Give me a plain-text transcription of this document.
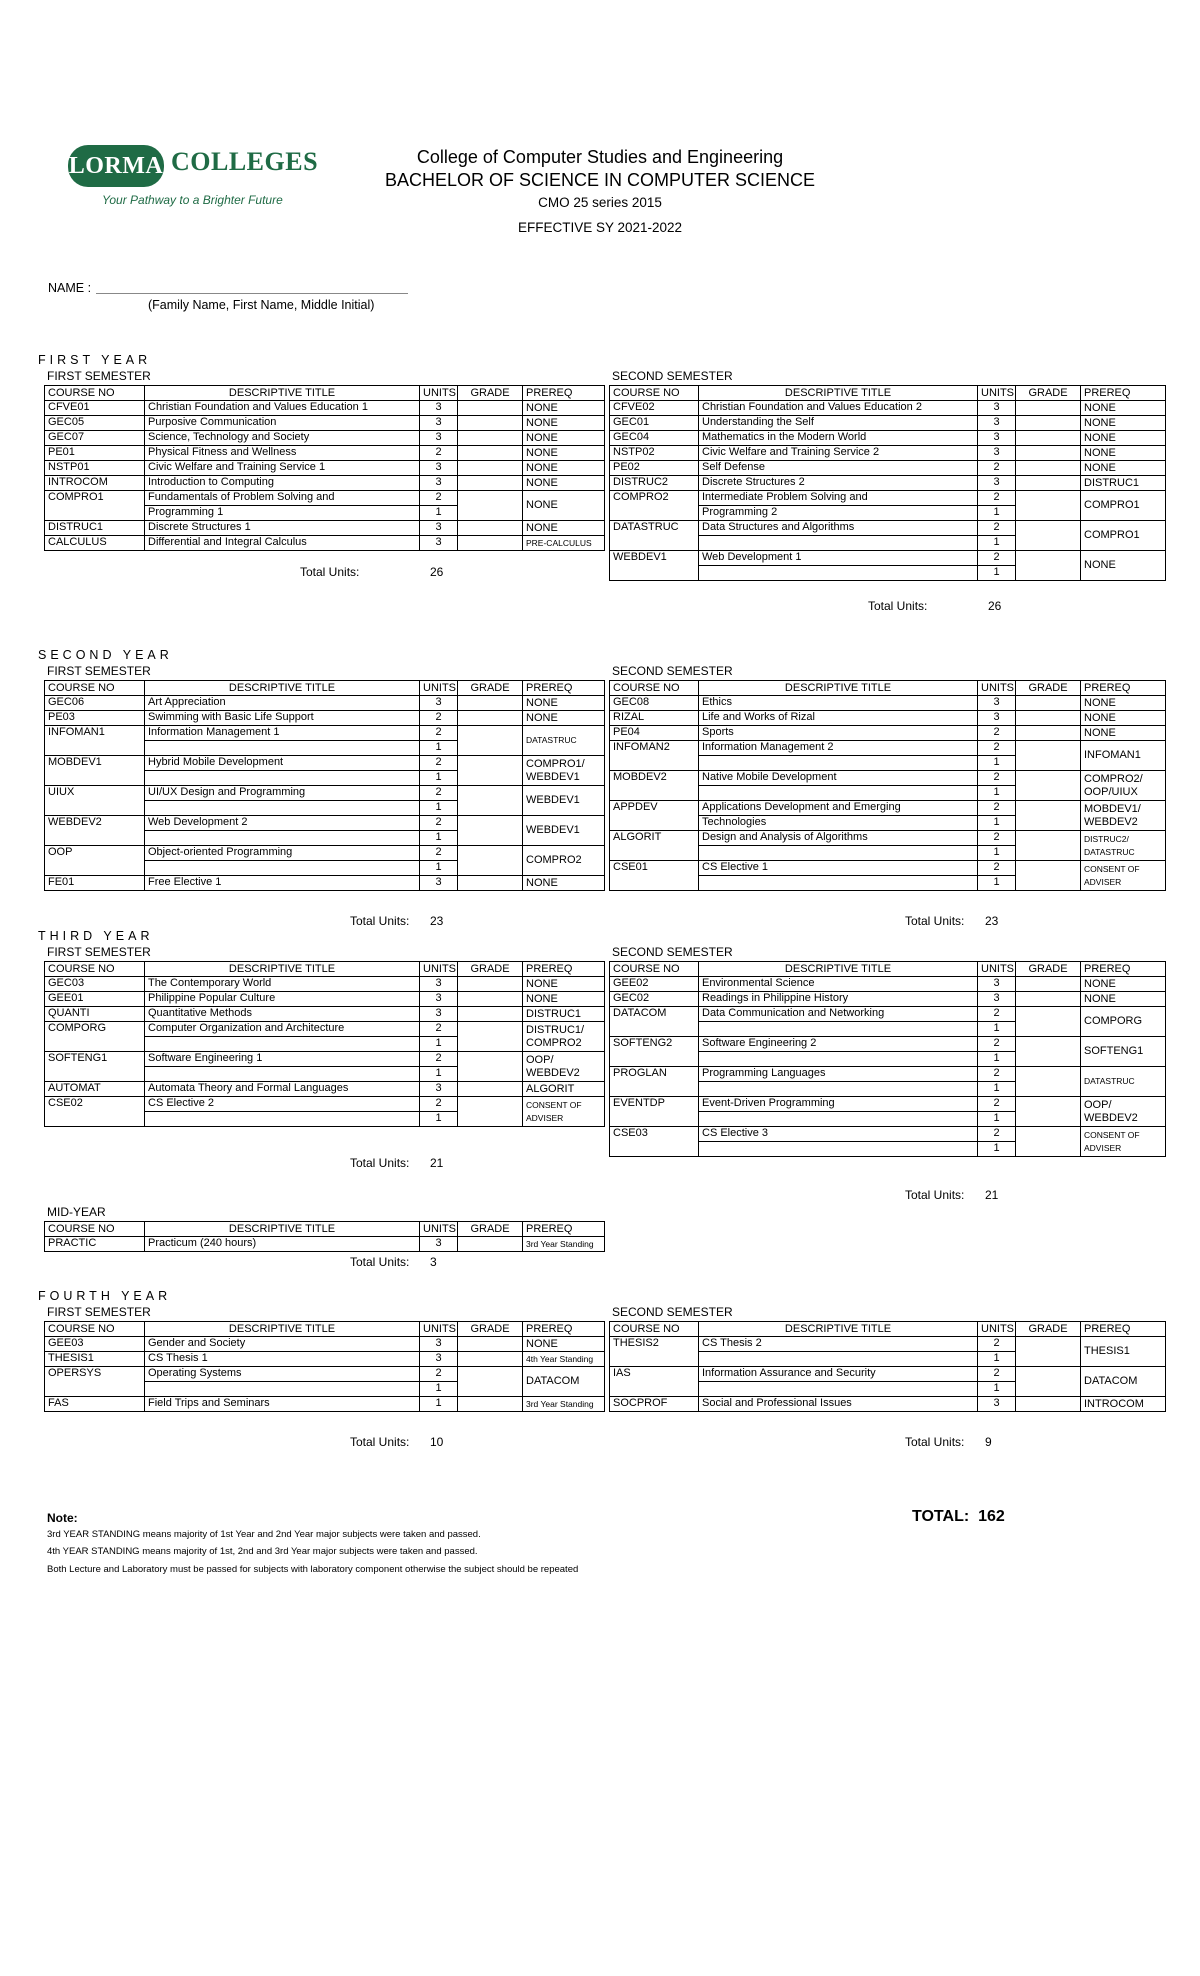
LORMA COLLEGES
Your Pathway to a Brighter Future
College of Computer Studies and Engineering
BACHELOR OF SCIENCE IN COMPUTER SCIENCE
CMO 25 series 2015
EFFECTIVE SY 2021-2022
NAME :
(Family Name, First Name, Middle Initial)
FIRST YEAR
FIRST SEMESTER	SECOND SEMESTER
COURSE NO	DESCRIPTIVE TITLE	UNITS	GRADE	PREREQ
CFVE01	Christian Foundation and Values Education 1	3		NONE

GEC05	Purposive Communication	3		NONE

GEC07	Science, Technology and Society	3		NONE

PE01	Physical Fitness and Wellness	2		NONE

NSTP01	Civic Welfare and Training Service 1	3		NONE

INTROCOM	Introduction to Computing	3		NONE

COMPRO1	Fundamentals of Problem Solving and	2		NONE

	Programming 1	1		
DISTRUC1	Discrete Structures 1	3		NONE

CALCULUS	Differential and Integral Calculus	3		PRE-CALCULUS
COURSE NO	DESCRIPTIVE TITLE	UNITS	GRADE	PREREQ
CFVE02	Christian Foundation and Values Education 2	3		NONE

GEC01	Understanding the Self	3		NONE

GEC04	Mathematics in the Modern World	3		NONE

NSTP02	Civic Welfare and Training Service 2	3		NONE

PE02	Self Defense	2		NONE

DISTRUC2	Discrete Structures 2	3		DISTRUC1

COMPRO2	Intermediate Problem Solving and	2		COMPRO1

	Programming 2	1		
DATASTRUC	Data Structures and Algorithms	2		COMPRO1

		1		
WEBDEV1	Web Development 1	2		NONE

		1		
Total Units:	26
Total Units:	26
SECOND YEAR
FIRST SEMESTER	SECOND SEMESTER
COURSE NO	DESCRIPTIVE TITLE	UNITS	GRADE	PREREQ
GEC06	Art Appreciation	3		NONE

PE03	Swimming with Basic Life Support	2		NONE

INFOMAN1	Information Management 1	2		DATASTRUC

		1		
MOBDEV1	Hybrid Mobile Development	2		COMPRO1/
WEBDEV1

		1		
UIUX	UI/UX Design and Programming	2		WEBDEV1

		1		
WEBDEV2	Web Development 2	2		WEBDEV1

		1		
OOP	Object-oriented Programming	2		COMPRO2

		1		
FE01	Free Elective 1	3		NONE
COURSE NO	DESCRIPTIVE TITLE	UNITS	GRADE	PREREQ
GEC08	Ethics	3		NONE

RIZAL	Life and Works of Rizal	3		NONE

PE04	Sports	2		NONE

INFOMAN2	Information Management 2	2		INFOMAN1

		1		
MOBDEV2	Native Mobile Development	2		COMPRO2/
OOP/UIUX

		1		
APPDEV	Applications Development and Emerging	2		MOBDEV1/
WEBDEV2

	Technologies	1		
ALGORIT	Design and Analysis of Algorithms	2		DISTRUC2/
DATASTRUC

		1		
CSE01	CS Elective 1	2		CONSENT OF
ADVISER

		1		
Total Units: 23	Total Units: 23
THIRD YEAR
FIRST SEMESTER	SECOND SEMESTER
COURSE NO	DESCRIPTIVE TITLE	UNITS	GRADE	PREREQ
GEC03	The Contemporary World	3		NONE

GEE01	Philippine Popular Culture	3		NONE

QUANTI	Quantitative Methods	3		DISTRUC1

COMPORG	Computer Organization and Architecture	2		DISTRUC1/
COMPRO2

		1		
SOFTENG1	Software Engineering 1	2		OOP/
WEBDEV2

		1		
AUTOMAT	Automata Theory and Formal Languages	3		ALGORIT

CSE02	CS Elective 2	2		CONSENT OF
ADVISER

		1		
COURSE NO	DESCRIPTIVE TITLE	UNITS	GRADE	PREREQ
GEE02	Environmental Science	3		NONE

GEC02	Readings in Philippine History	3		NONE

DATACOM	Data Communication and Networking	2		COMPORG

		1		
SOFTENG2	Software Engineering 2	2		SOFTENG1

		1		
PROGLAN	Programming Languages	2		DATASTRUC

		1		
EVENTDP	Event-Driven Programming	2		OOP/
WEBDEV2

		1		
CSE03	CS Elective 3	2		CONSENT OF
ADVISER

		1		
Total Units: 21
Total Units: 21
MID-YEAR
COURSE NO	DESCRIPTIVE TITLE	UNITS	GRADE	PREREQ
PRACTIC	Practicum (240 hours)	3		3rd Year Standing
Total Units: 3
FOURTH YEAR
FIRST SEMESTER	SECOND SEMESTER
COURSE NO	DESCRIPTIVE TITLE	UNITS	GRADE	PREREQ
GEE03	Gender and Society	3		NONE

THESIS1	CS Thesis 1	3		4th Year Standing

OPERSYS	Operating Systems	2		DATACOM

		1		
FAS	Field Trips and Seminars	1		3rd Year Standing
COURSE NO	DESCRIPTIVE TITLE	UNITS	GRADE	PREREQ
THESIS2	CS Thesis 2	2		THESIS1

		1		
IAS	Information Assurance and Security	2		DATACOM

		1		
SOCPROF	Social and Professional Issues	3		INTROCOM
Total Units: 10	Total Units: 9
TOTAL: 162
Note:
3rd YEAR STANDING means majority of 1st Year and 2nd Year major subjects were taken and passed.
4th YEAR STANDING means majority of 1st, 2nd and 3rd Year major subjects were taken and passed.
Both Lecture and Laboratory must be passed for subjects with laboratory component otherwise the subject should be repeated
